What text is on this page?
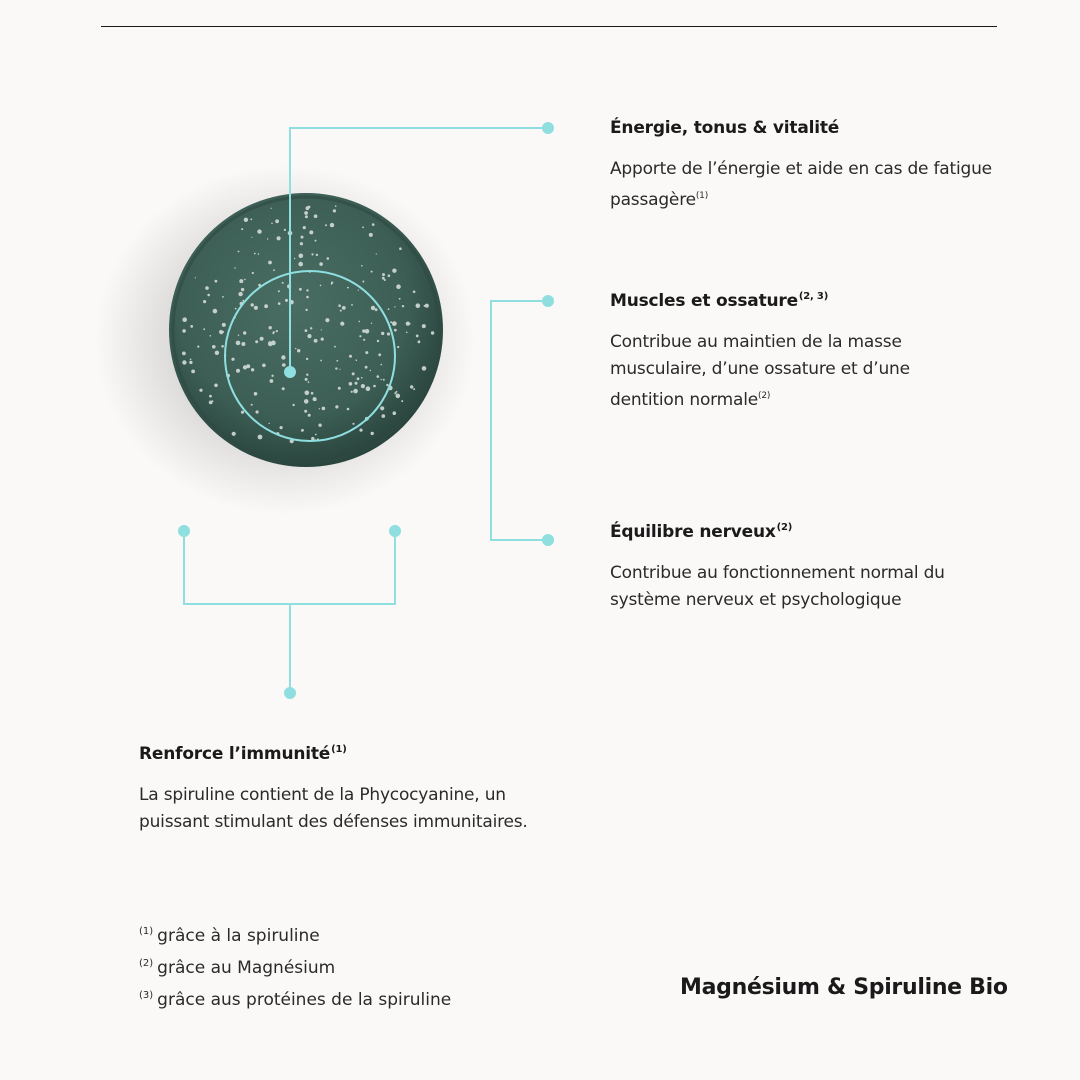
Énergie, tonus & vitalité
Apporte de l’énergie et aide en cas de fatigue passagère$^{(1)}$
Muscles et ossature$^{(2, 3)}$
Contribue au maintien de la masse musculaire, d’une ossature et d’une dentition normale$^{(2)}$
Équilibre nerveux$^{(2)}$
Contribue au fonctionnement normal du système nerveux et psychologique
Renforce l’immunité$^{(1)}$
La spiruline contient de la Phycocyanine, un puissant stimulant des défenses immunitaires.
$^{(1)}$ grâce à la spiruline
$^{(2)}$ grâce au Magnésium
$^{(3)}$ grâce aus protéines de la spiruline	Magnésium & Spiruline Bio
